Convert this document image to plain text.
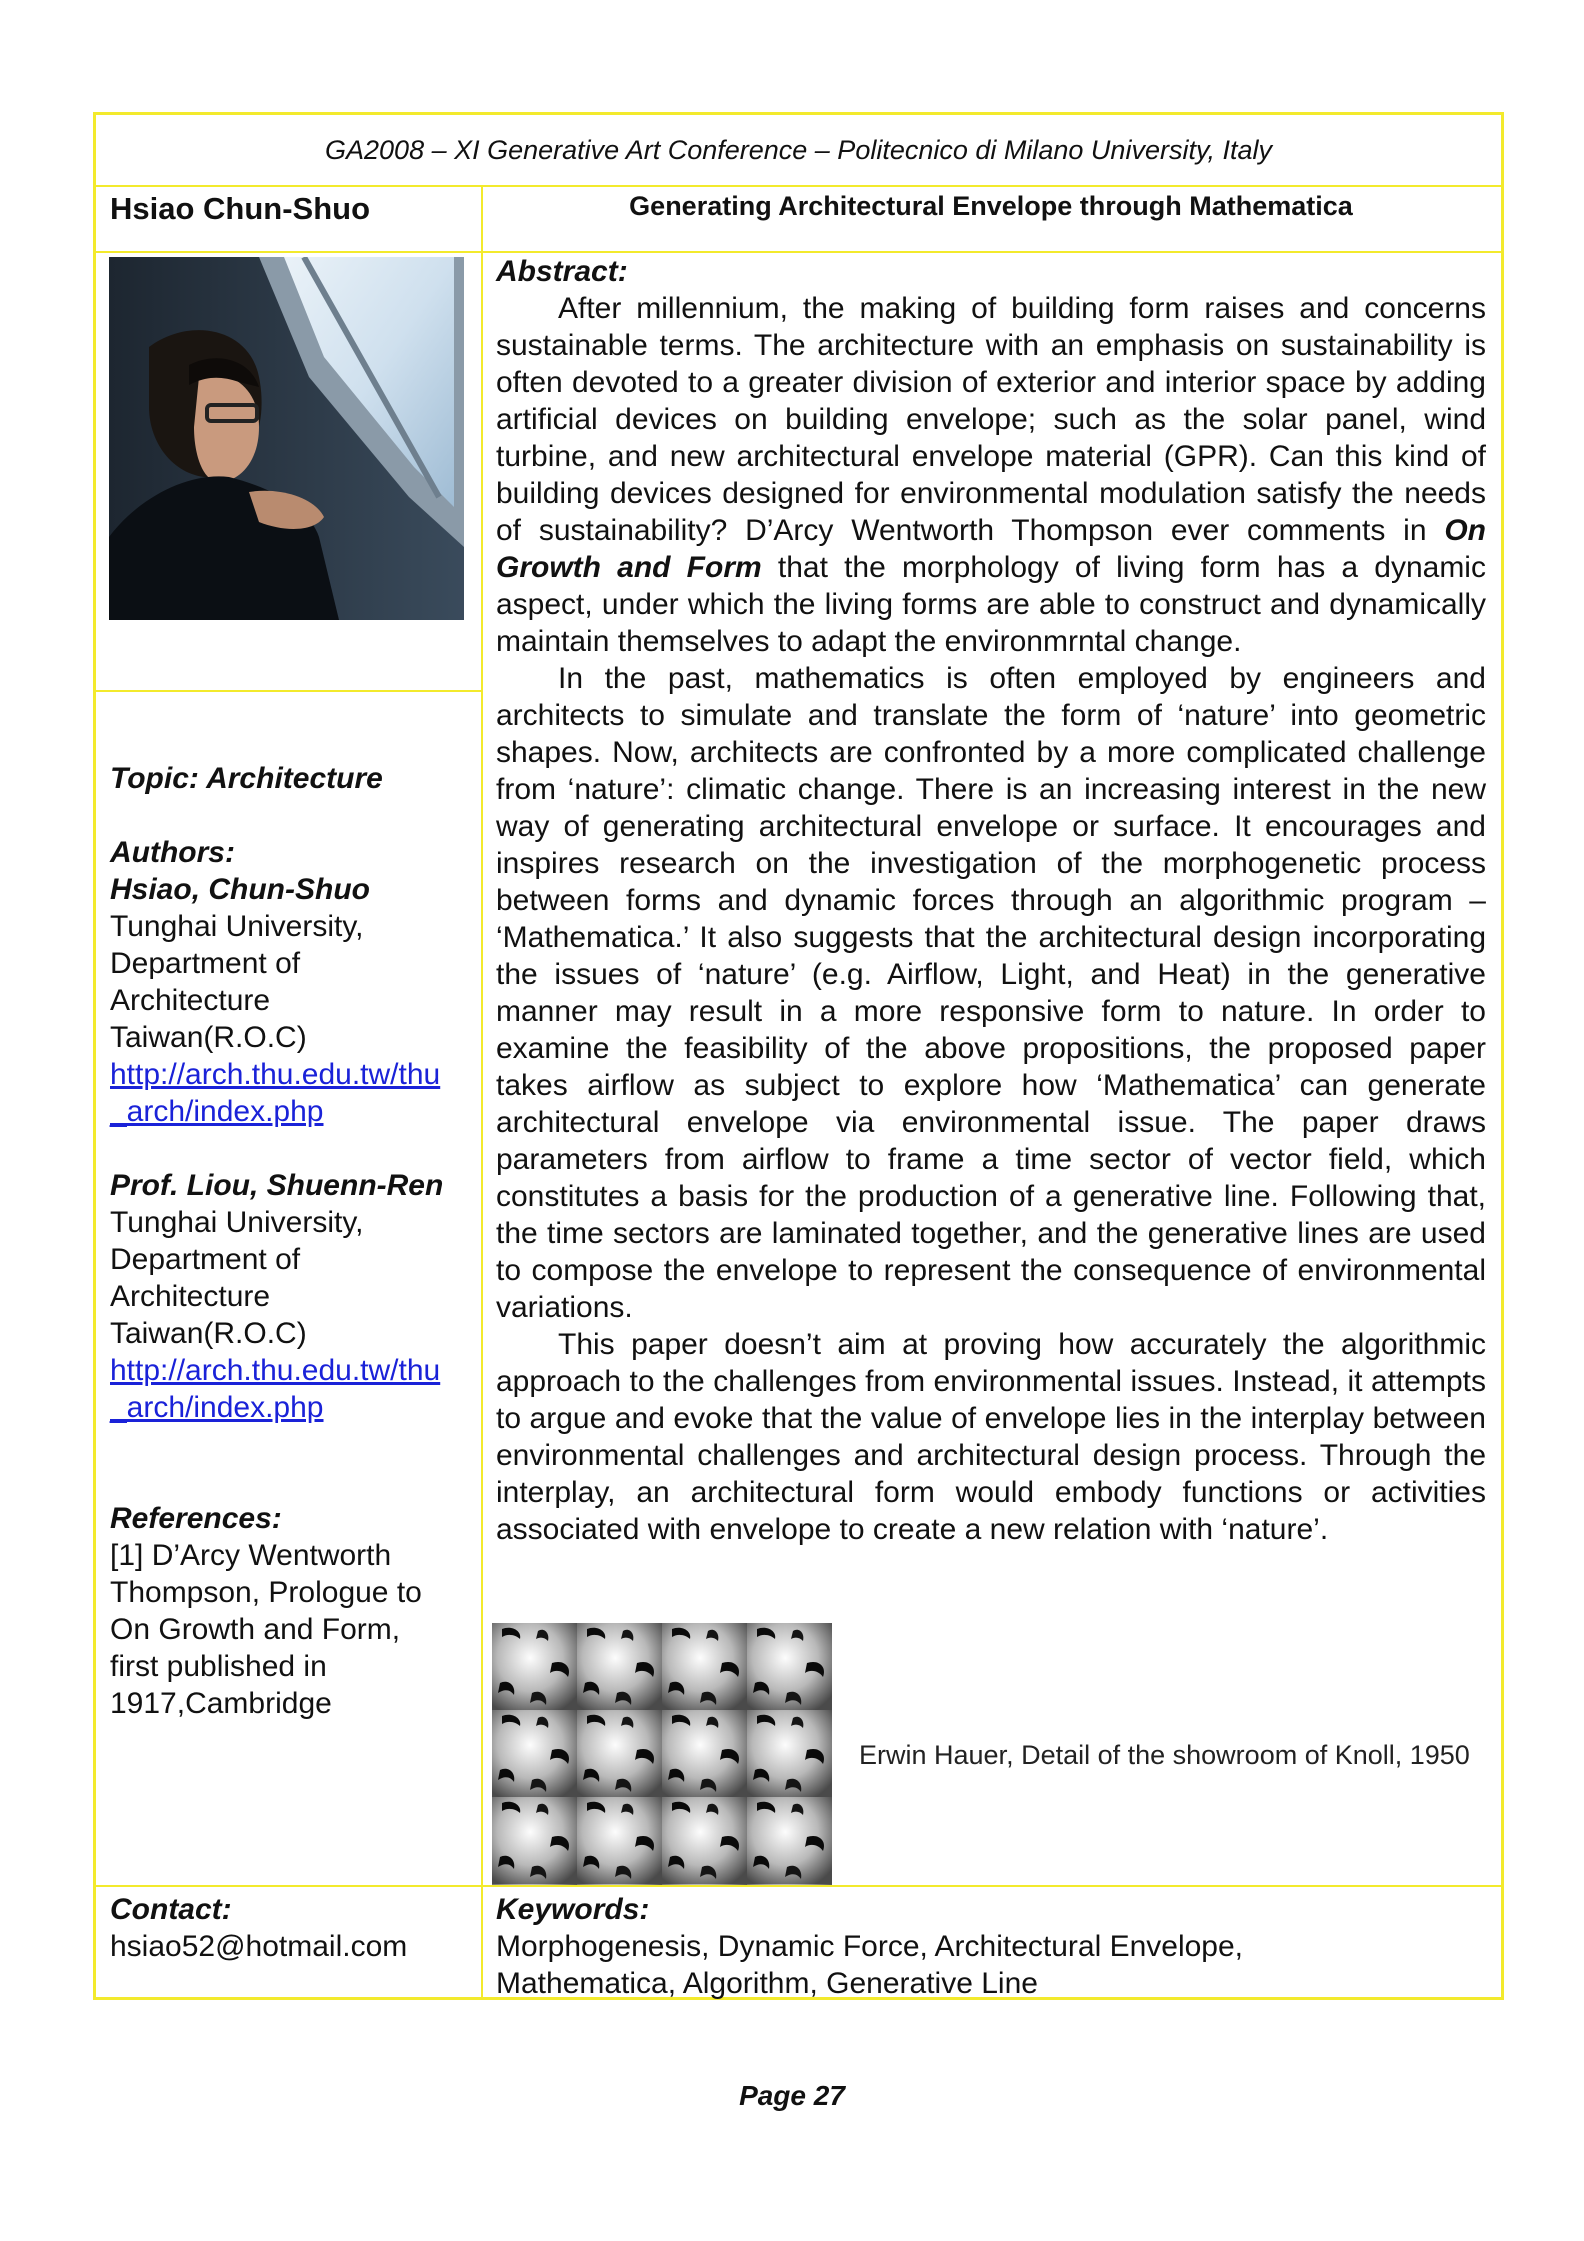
GA2008 – XI Generative Art Conference – Politecnico di Milano University, Italy
Hsiao Chun-Shuo	Generating Architectural Envelope through Mathematica
Abstract:

After millennium, the making of building form raises and concerns sustainable terms. The architecture with an emphasis on sustainability is often devoted to a greater division of exterior and interior space by adding artificial devices on building envelope; such as the solar panel, wind turbine, and new architectural envelope material (GPR). Can this kind of building devices designed for environmental modulation satisfy the needs of sustainability? D’Arcy Wentworth Thompson ever comments in On Growth and Form that the morphology of living form has a dynamic aspect, under which the living forms are able to construct and dynamically maintain themselves to adapt the environmrntal change.

In the past, mathematics is often employed by engineers and architects to simulate and translate the form of ‘nature’ into geometric shapes. Now, architects are confronted by a more complicated challenge from ‘nature’: climatic change. There is an increasing interest in the new way of generating architectural envelope or surface. It encourages and inspires research on the investigation of the morphogenetic process between forms and dynamic forces through an algorithmic program – ‘Mathematica.’ It also suggests that the architectural design incorporating the issues of ‘nature’ (e.g. Airflow, Light, and Heat) in the generative manner may result in a more responsive form to nature. In order to examine the feasibility of the above propositions, the proposed paper takes airflow as subject to explore how ‘Mathematica’ can generate architectural envelope via environmental issue. The paper draws parameters from airflow to frame a time sector of vector field, which constitutes a basis for the production of a generative line. Following that, the time sectors are laminated together, and the generative lines are used to compose the envelope to represent the consequence of environmental variations.

This paper doesn’t aim at proving how accurately the algorithmic approach to the challenges from environmental issues. Instead, it attempts to argue and evoke that the value of envelope lies in the interplay between environmental challenges and architectural design process. Through the interplay, an architectural form would embody functions or activities associated with envelope to create a new relation with ‘nature’.

Erwin Hauer, Detail of the showroom of Knoll, 1950
Topic: Architecture
Authors:
Hsiao, Chun-Shuo
Tunghai University,
Department of
Architecture
Taiwan(R.O.C)
http://arch.thu.edu.tw/thu
_arch/index.php
Prof. Liou, Shuenn-Ren
Tunghai University,
Department of
Architecture
Taiwan(R.O.C)
http://arch.thu.edu.tw/thu
_arch/index.php
References:
[1] D’Arcy Wentworth Thompson, Prologue to On Growth and Form, first published in 1917,Cambridge
Contact:
hsiao52@hotmail.com
Keywords:
Morphogenesis, Dynamic Force, Architectural Envelope,
Mathematica, Algorithm, Generative Line
Page 27
